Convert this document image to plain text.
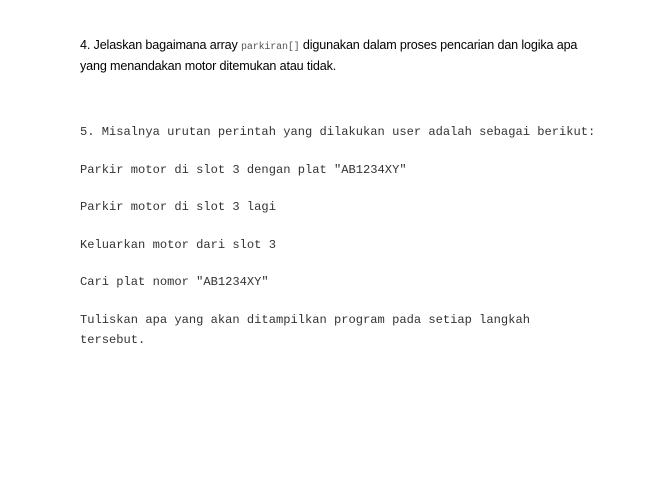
4. Jelaskan bagaimana array parkiran[] digunakan dalam proses pencarian dan logika apa yang menandakan motor ditemukan atau tidak.

5. Misalnya urutan perintah yang dilakukan user adalah sebagai berikut:

Parkir motor di slot 3 dengan plat "AB1234XY"

Parkir motor di slot 3 lagi

Keluarkan motor dari slot 3

Cari plat nomor "AB1234XY"

Tuliskan apa yang akan ditampilkan program pada setiap langkah tersebut.
